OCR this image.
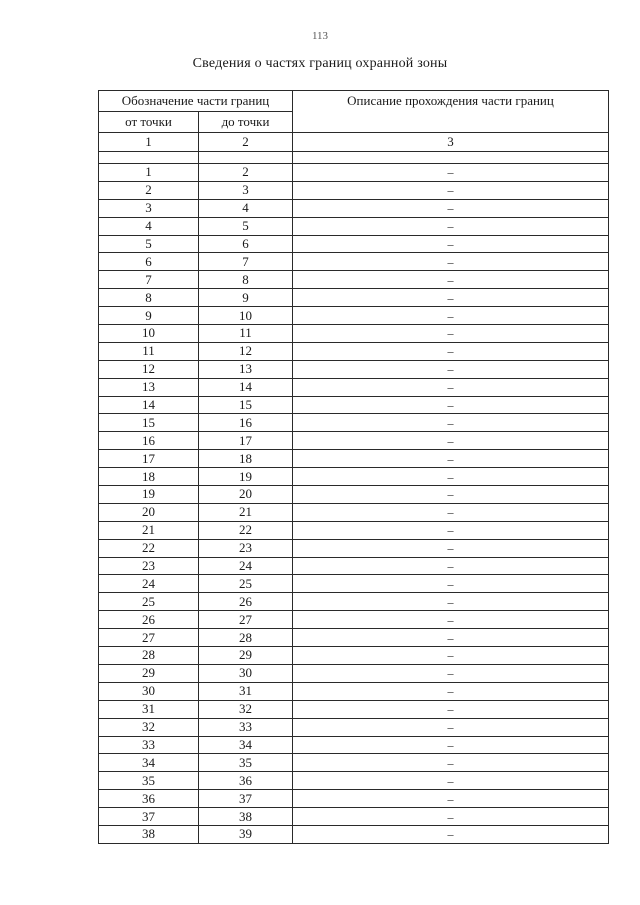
113
Сведения о частях границ охранной зоны
Обозначение части границ		Описание прохождения части границ
от точки	до точки	
1	2	3

1	2	–
2	3	–
3	4	–
4	5	–
5	6	–
6	7	–
7	8	–
8	9	–
9	10	–
10	11	–
11	12	–
12	13	–
13	14	–
14	15	–
15	16	–
16	17	–
17	18	–
18	19	–
19	20	–
20	21	–
21	22	–
22	23	–
23	24	–
24	25	–
25	26	–
26	27	–
27	28	–
28	29	–
29	30	–
30	31	–
31	32	–
32	33	–
33	34	–
34	35	–
35	36	–
36	37	–
37	38	–
38	39	–
